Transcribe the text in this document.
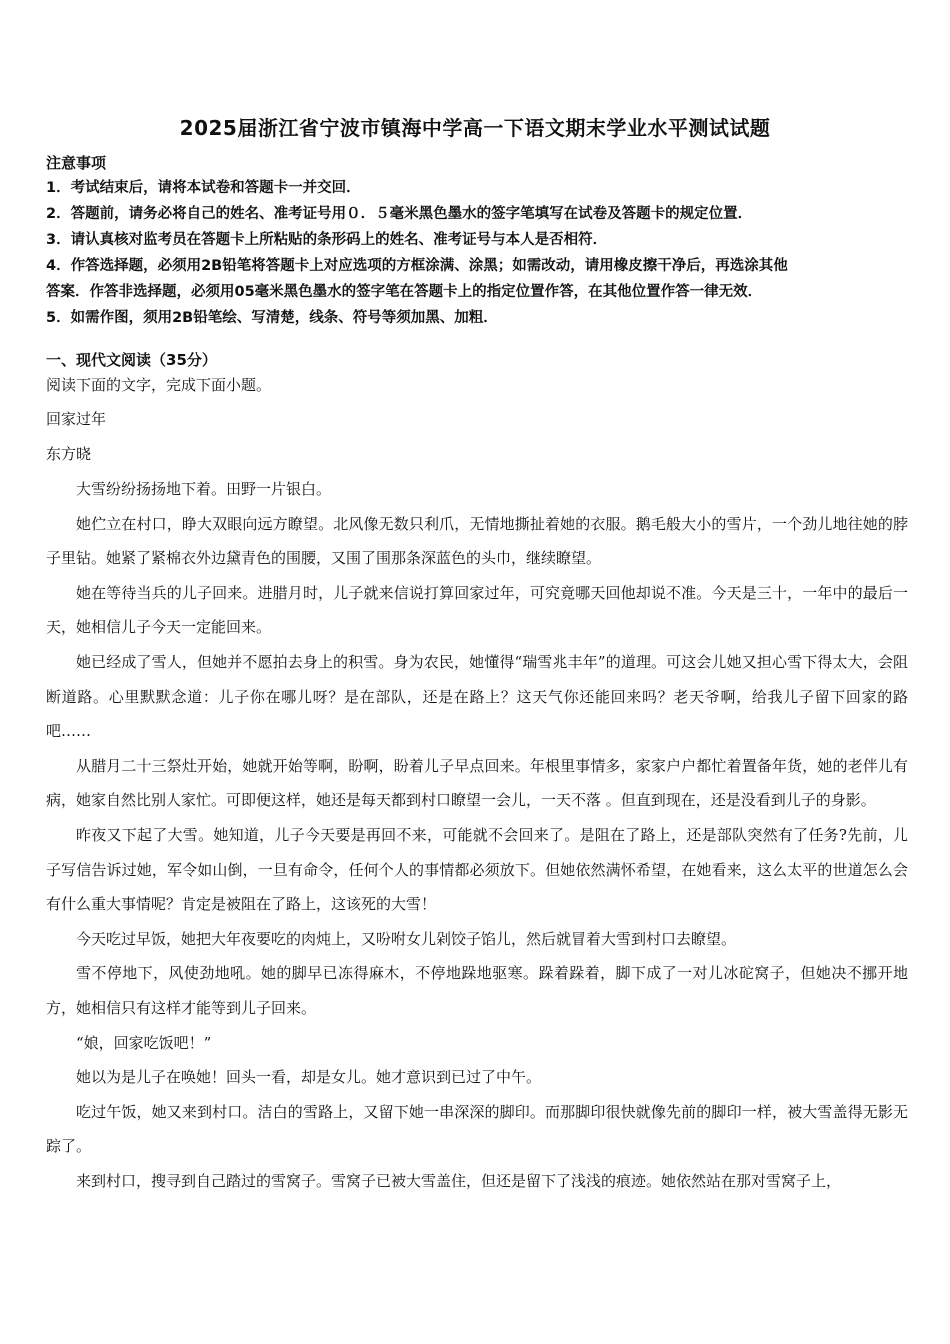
2025届浙江省宁波市镇海中学高一下语文期末学业水平测试试题
注意事项
1．考试结束后，请将本试卷和答题卡一并交回．
2．答题前，请务必将自己的姓名、准考证号用０．５毫米黑色墨水的签字笔填写在试卷及答题卡的规定位置．
3．请认真核对监考员在答题卡上所粘贴的条形码上的姓名、准考证号与本人是否相符．
4．作答选择题，必须用2B铅笔将答题卡上对应选项的方框涂满、涂黑；如需改动，请用橡皮擦干净后，再选涂其他
答案．作答非选择题，必须用05毫米黑色墨水的签字笔在答题卡上的指定位置作答，在其他位置作答一律无效．
5．如需作图，须用2B铅笔绘、写清楚，线条、符号等须加黑、加粗．
一、现代文阅读（35分）
阅读下面的文字，完成下面小题。
回家过年
东方晓

大雪纷纷扬扬地下着。田野一片银白。

她伫立在村口，睁大双眼向远方瞭望。北风像无数只利爪，无情地撕扯着她的衣服。鹅毛般大小的雪片，一个劲儿地往她的脖子里钻。她紧了紧棉衣外边黛青色的围腰，又围了围那条深蓝色的头巾，继续瞭望。

她在等待当兵的儿子回来。进腊月时，儿子就来信说打算回家过年，可究竟哪天回他却说不准。今天是三十，一年中的最后一天，她相信儿子今天一定能回来。

她已经成了雪人，但她并不愿拍去身上的积雪。身为农民，她懂得“瑞雪兆丰年”的道理。可这会儿她又担心雪下得太大，会阻断道路。心里默默念道：儿子你在哪儿呀？是在部队，还是在路上？这天气你还能回来吗？老天爷啊，给我儿子留下回家的路吧……

从腊月二十三祭灶开始，她就开始等啊，盼啊，盼着儿子早点回来。年根里事情多，家家户户都忙着置备年货，她的老伴儿有病，她家自然比别人家忙。可即便这样，她还是每天都到村口瞭望一会儿，一天不落 。但直到现在，还是没看到儿子的身影。

昨夜又下起了大雪。她知道，儿子今天要是再回不来，可能就不会回来了。是阻在了路上，还是部队突然有了任务?先前，儿子写信告诉过她，军令如山倒，一旦有命令，任何个人的事情都必须放下。但她依然满怀希望，在她看来，这么太平的世道怎么会有什么重大事情呢？肯定是被阻在了路上，这该死的大雪！

今天吃过早饭，她把大年夜要吃的肉炖上，又吩咐女儿剁饺子馅儿，然后就冒着大雪到村口去瞭望。

雪不停地下，风使劲地吼。她的脚早已冻得麻木，不停地跺地驱寒。跺着跺着，脚下成了一对儿冰砣窝子，但她决不挪开地方，她相信只有这样才能等到儿子回来。

“娘，回家吃饭吧！”

她以为是儿子在唤她！回头一看，却是女儿。她才意识到已过了中午。

吃过午饭，她又来到村口。洁白的雪路上，又留下她一串深深的脚印。而那脚印很快就像先前的脚印一样，被大雪盖得无影无踪了。

来到村口，搜寻到自己踏过的雪窝子。雪窝子已被大雪盖住，但还是留下了浅浅的痕迹。她依然站在那对雪窝子上，
